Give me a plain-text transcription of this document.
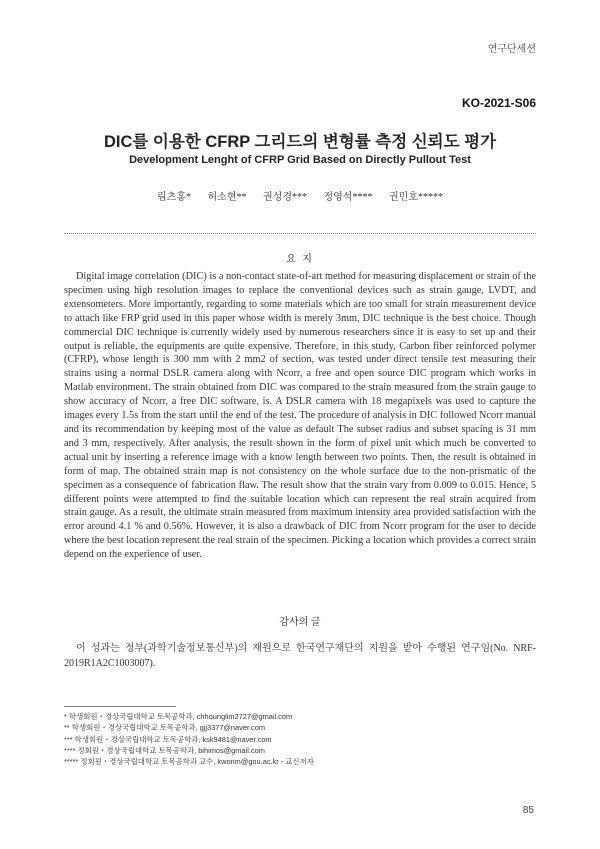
연구단세션
KO-2021-S06
DIC를 이용한 CFRP 그리드의 변형률 측정 신뢰도 평가
Development Lenght of CFRP Grid Based on Directly Pullout Test
림츠홍* 허소현** 권성경*** 정영석**** 권민호*****
요 지
Digital image correlation (DIC) is a non-contact state-of-art method for measuring displacement or strain of the specimen using high resolution images to replace the conventional devices such as strain gauge, LVDT, and extensometers. More importantly, regarding to some materials which are too small for strain measurement device to attach like FRP grid used in this paper whose width is merely 3mm, DIC technique is the best choice. Though commercial DIC technique is currently widely used by numerous researchers since it is easy to set up and their output is reliable, the equipments are quite expensive. Therefore, in this study, Carbon fiber reinforced polymer (CFRP), whose length is 300 mm with 2 mm2 of section, was tested under direct tensile test measuring their strains using a normal DSLR camera along with Ncorr, a free and open source DIC program which works in Matlab environment. The strain obtained from DIC was compared to the strain measured from the strain gauge to show accuracy of Ncorr, a free DIC software, is. A DSLR camera with 18 megapixels was used to capture the images every 1.5s from the start until the end of the test. The procedure of analysis in DIC followed Ncorr manual and its recommendation by keeping most of the value as default The subset radius and subset spacing is 31 mm and 3 mm, respectively. After analysis, the result shown in the form of pixel unit which much be converted to actual unit by inserting a reference image with a know length between two points. Then, the result is obtained in form of map. The obtained strain map is not consistency on the whole surface due to the non-prismatic of the specimen as a consequence of fabrication flaw. The result show that the strain vary from 0.009 to 0.015. Hence, 5 different points were attempted to find the suitable location which can represent the real strain acquired from strain gauge. As a result, the ultimate strain measured from maximum intensity area provided satisfaction with the error around 4.1 % and 0.56%. However, it is also a drawback of DIC from Ncorr program for the user to decide where the best location represent the real strain of the specimen. Picking a location which provides a correct strain depend on the experience of user.
감사의 글
이 성과는 정부(과학기술정보통신부)의 재원으로 한국연구재단의 지원을 받아 수행된 연구임(No. NRF-2019R1A2C1003007).
* 학생회원・경상국립대학교 토목공학과, chhounglim2727@gmail.com
** 학생회원・경상국립대학교 토목공학과, gjj3377@naver.com
*** 학생회원・경상국립대학교 토목공학과, ksk9481@naver.com
**** 정회원・경상국립대학교 토목공학과, bihimos@gmail.com
***** 정회원・경상국립대학교 토목공학과 교수, kwonm@gnu.ac.kr - 교신저자
85
